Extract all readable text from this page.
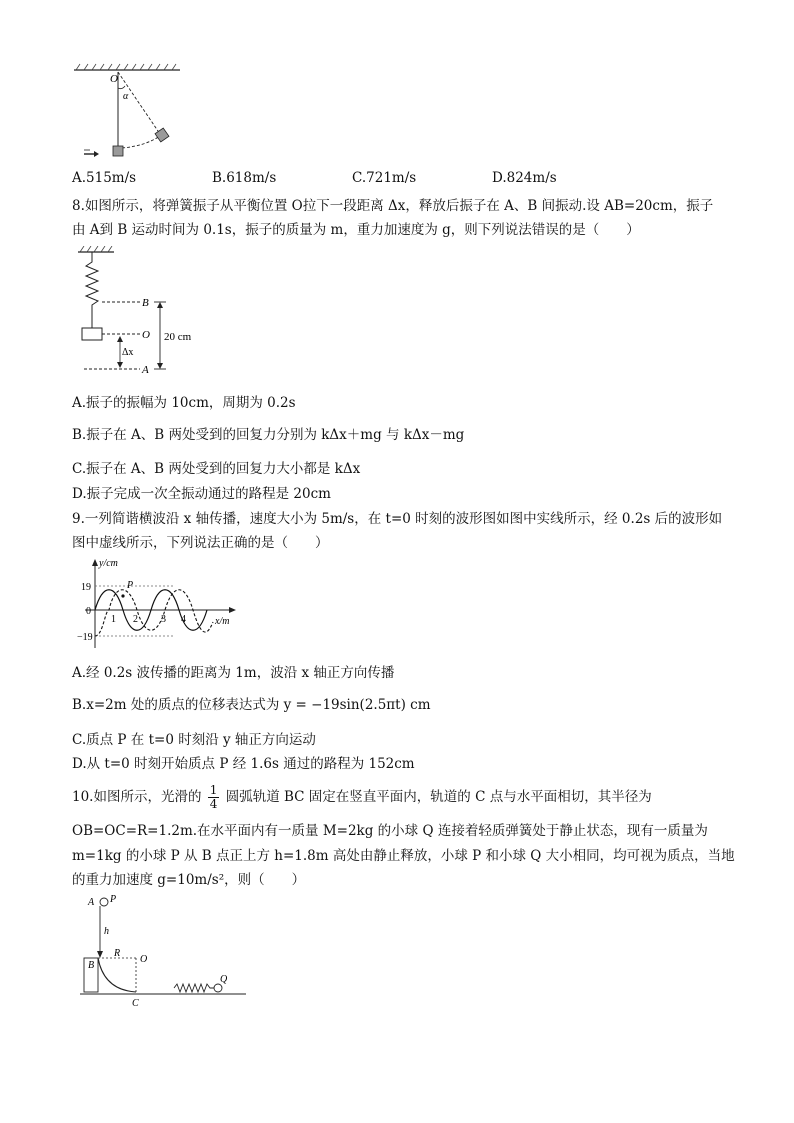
O
α
A.515m/s	B.618m/s	C.721m/s	D.824m/s
8.如图所示，将弹簧振子从平衡位置 O拉下一段距离 Δx，释放后振子在 A、B 间振动.设 AB=20cm，振子
由 A到 B 运动时间为 0.1s，振子的质量为 m，重力加速度为 g，则下列说法错误的是（　　）
B
O
A
Δx
20 cm
A.振子的振幅为 10cm，周期为 0.2s
B.振子在 A、B 两处受到的回复力分别为 kΔx＋mg 与 kΔx－mg
C.振子在 A、B 两处受到的回复力大小都是 kΔx
D.振子完成一次全振动通过的路程是 20cm
9.一列简谐横波沿 x 轴传播，速度大小为 5m/s，在 t=0 时刻的波形图如图中实线所示，经 0.2s 后的波形如
图中虚线所示，下列说法正确的是（　　）
y/cm
x/m
P
19
0
−19
1 2 3 4
A.经 0.2s 波传播的距离为 1m，波沿 x 轴正方向传播
B.x=2m 处的质点的位移表达式为 y = −19sin(2.5πt) cm
C.质点 P 在 t=0 时刻沿 y 轴正方向运动
D.从 t=0 时刻开始质点 P 经 1.6s 通过的路程为 152cm
10.如图所示，光滑的 $\frac{1}{4}$ 圆弧轨道 BC 固定在竖直平面内，轨道的 C 点与水平面相切，其半径为
OB=OC=R=1.2m.在水平面内有一质量 M=2kg 的小球 Q 连接着轻质弹簧处于静止状态，现有一质量为
m=1kg 的小球 P 从 B 点正上方 h=1.8m 高处由静止释放，小球 P 和小球 Q 大小相同，均可视为质点，当地
的重力加速度 g=10m/s²，则（　　）
A P
h
B
R
O
C
Q
